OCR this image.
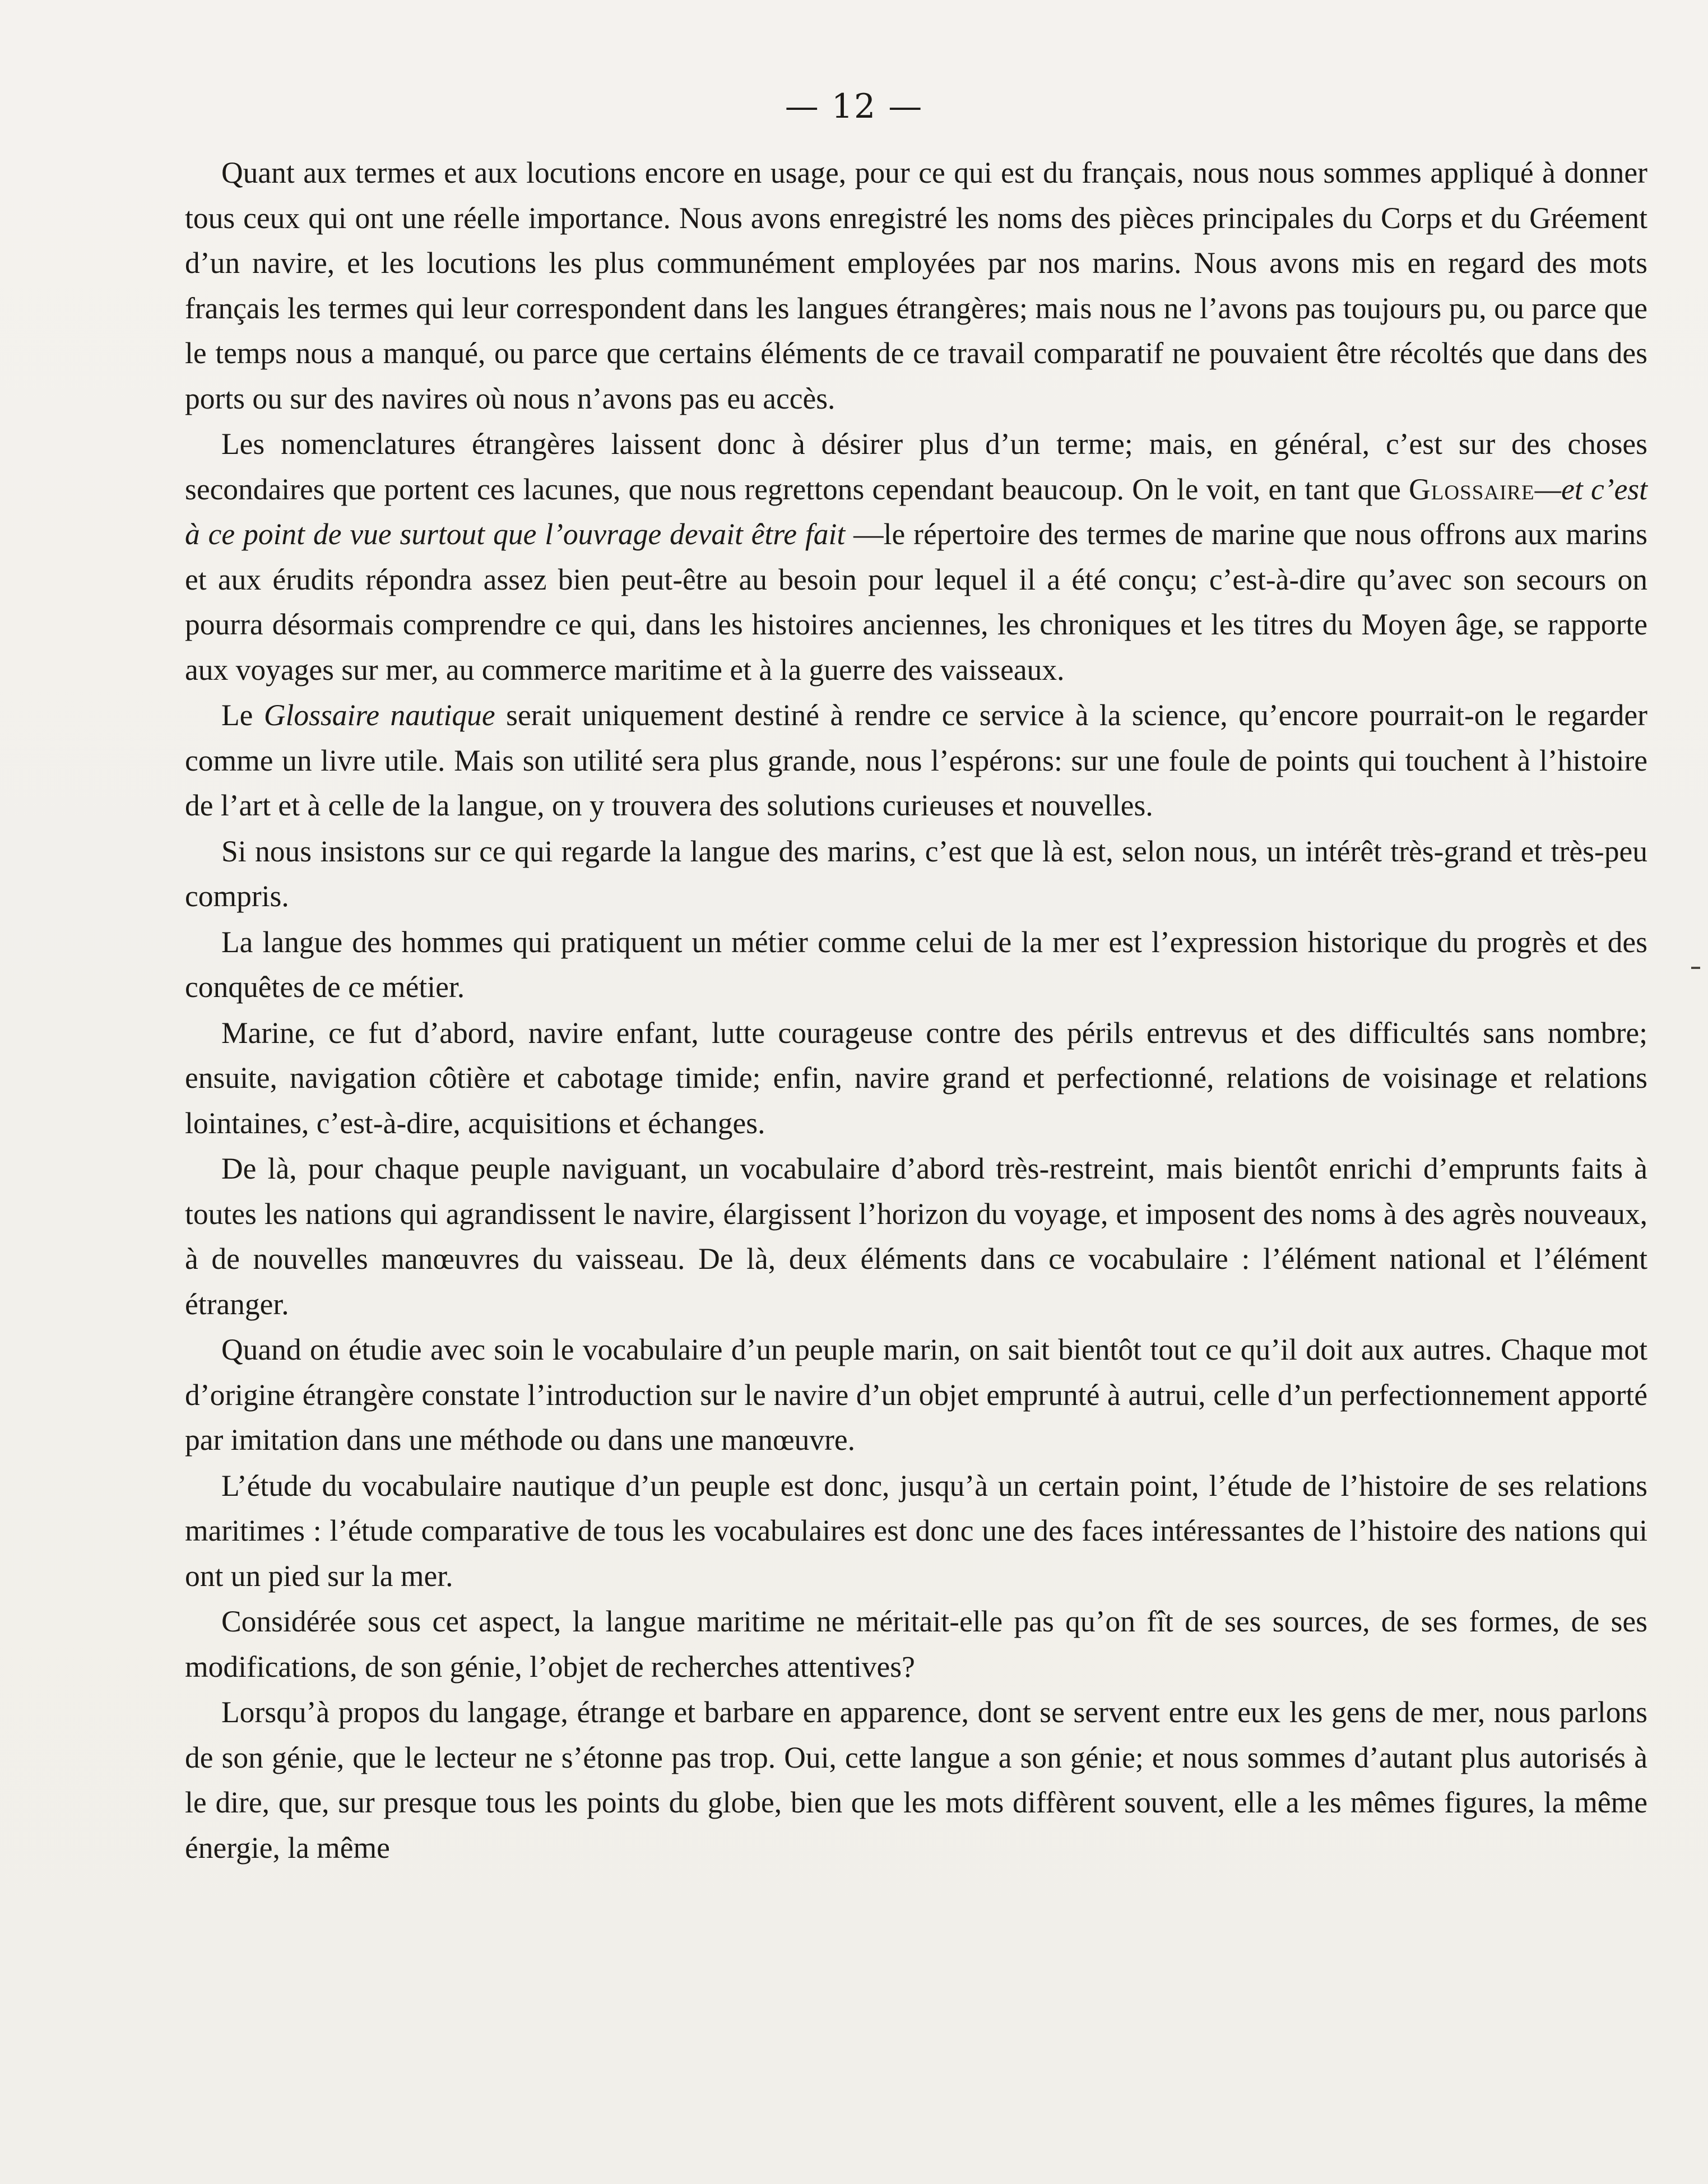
— 12 —

Quant aux termes et aux locutions encore en usage, pour ce qui est du français, nous nous sommes appliqué à donner tous ceux qui ont une réelle importance. Nous avons enregistré les noms des pièces principales du Corps et du Gréement d’un navire, et les locutions les plus communément employées par nos marins. Nous avons mis en regard des mots français les termes qui leur correspondent dans les langues étrangères; mais nous ne l’avons pas toujours pu, ou parce que le temps nous a manqué, ou parce que certains éléments de ce travail comparatif ne pouvaient être récoltés que dans des ports ou sur des navires où nous n’avons pas eu accès.

Les nomenclatures étrangères laissent donc à désirer plus d’un terme; mais, en général, c’est sur des choses secondaires que portent ces lacunes, que nous regrettons cependant beaucoup. On le voit, en tant que Glossaire—et c’est à ce point de vue surtout que l’ouvrage devait être fait —le répertoire des termes de marine que nous offrons aux marins et aux érudits répondra assez bien peut-être au besoin pour lequel il a été conçu; c’est-à-dire qu’avec son secours on pourra désormais comprendre ce qui, dans les histoires anciennes, les chroniques et les titres du Moyen âge, se rapporte aux voyages sur mer, au commerce maritime et à la guerre des vaisseaux.

Le Glossaire nautique serait uniquement destiné à rendre ce service à la science, qu’encore pourrait-on le regarder comme un livre utile. Mais son utilité sera plus grande, nous l’espérons: sur une foule de points qui touchent à l’histoire de l’art et à celle de la langue, on y trouvera des solutions curieuses et nouvelles.

Si nous insistons sur ce qui regarde la langue des marins, c’est que là est, selon nous, un intérêt très-grand et très-peu compris.

La langue des hommes qui pratiquent un métier comme celui de la mer est l’expression historique du progrès et des conquêtes de ce métier.

Marine, ce fut d’abord, navire enfant, lutte courageuse contre des périls entrevus et des difficultés sans nombre; ensuite, navigation côtière et cabotage timide; enfin, navire grand et perfectionné, relations de voisinage et relations lointaines, c’est-à-dire, acquisitions et échanges.

De là, pour chaque peuple naviguant, un vocabulaire d’abord très-restreint, mais bientôt enrichi d’emprunts faits à toutes les nations qui agrandissent le navire, élargissent l’horizon du voyage, et imposent des noms à des agrès nouveaux, à de nouvelles manœuvres du vaisseau. De là, deux éléments dans ce vocabulaire : l’élément national et l’élément étranger.

Quand on étudie avec soin le vocabulaire d’un peuple marin, on sait bientôt tout ce qu’il doit aux autres. Chaque mot d’origine étrangère constate l’introduction sur le navire d’un objet emprunté à autrui, celle d’un perfectionnement apporté par imitation dans une méthode ou dans une manœuvre.

L’étude du vocabulaire nautique d’un peuple est donc, jusqu’à un certain point, l’étude de l’histoire de ses relations maritimes : l’étude comparative de tous les vocabulaires est donc une des faces intéressantes de l’histoire des nations qui ont un pied sur la mer.

Considérée sous cet aspect, la langue maritime ne méritait-elle pas qu’on fît de ses sources, de ses formes, de ses modifications, de son génie, l’objet de recherches attentives?

Lorsqu’à propos du langage, étrange et barbare en apparence, dont se servent entre eux les gens de mer, nous parlons de son génie, que le lecteur ne s’étonne pas trop. Oui, cette langue a son génie; et nous sommes d’autant plus autorisés à le dire, que, sur presque tous les points du globe, bien que les mots diffèrent souvent, elle a les mêmes figures, la même énergie, la même
